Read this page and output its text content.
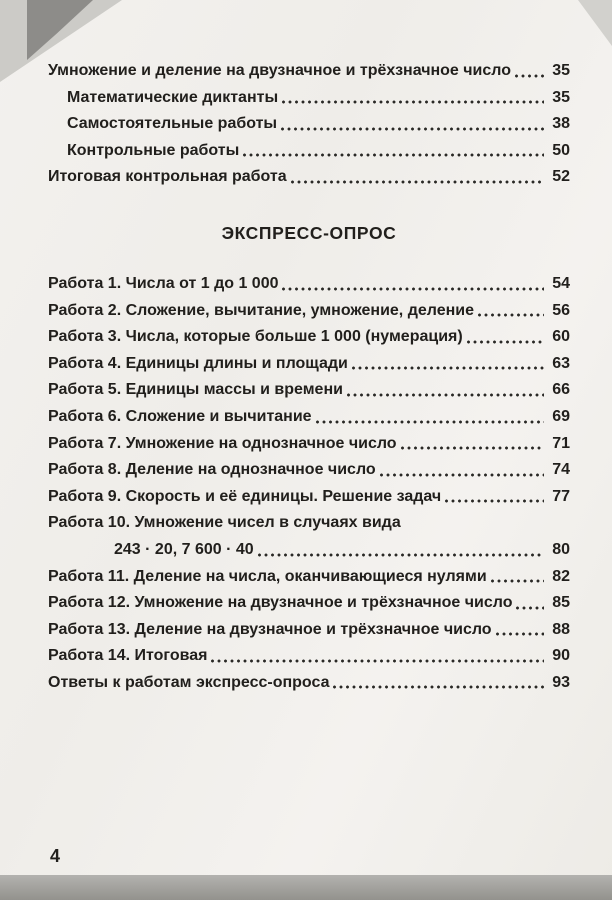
Умножение и деление на двузначное и трёхзначное число	35
Математические диктанты	35
Самостоятельные работы	38
Контрольные работы	50
Итоговая контрольная работа	52
ЭКСПРЕСС-ОПРОС
Работа 1. Числа от 1 до 1 000	54
Работа 2. Сложение, вычитание, умножение, деление	56
Работа 3. Числа, которые больше 1 000 (нумерация)	60
Работа 4. Единицы длины и площади	63
Работа 5. Единицы массы и времени	66
Работа 6. Сложение и вычитание	69
Работа 7. Умножение на однозначное число	71
Работа 8. Деление на однозначное число	74
Работа 9. Скорость и её единицы. Решение задач	77
Работа 10. Умножение чисел в случаях вида
243 · 20, 7 600 · 40	80
Работа 11. Деление на числа, оканчивающиеся нулями	82
Работа 12. Умножение на двузначное и трёхзначное число	85
Работа 13. Деление на двузначное и трёхзначное число	88
Работа 14. Итоговая	90
Ответы к работам экспресс-опроса	93
4
